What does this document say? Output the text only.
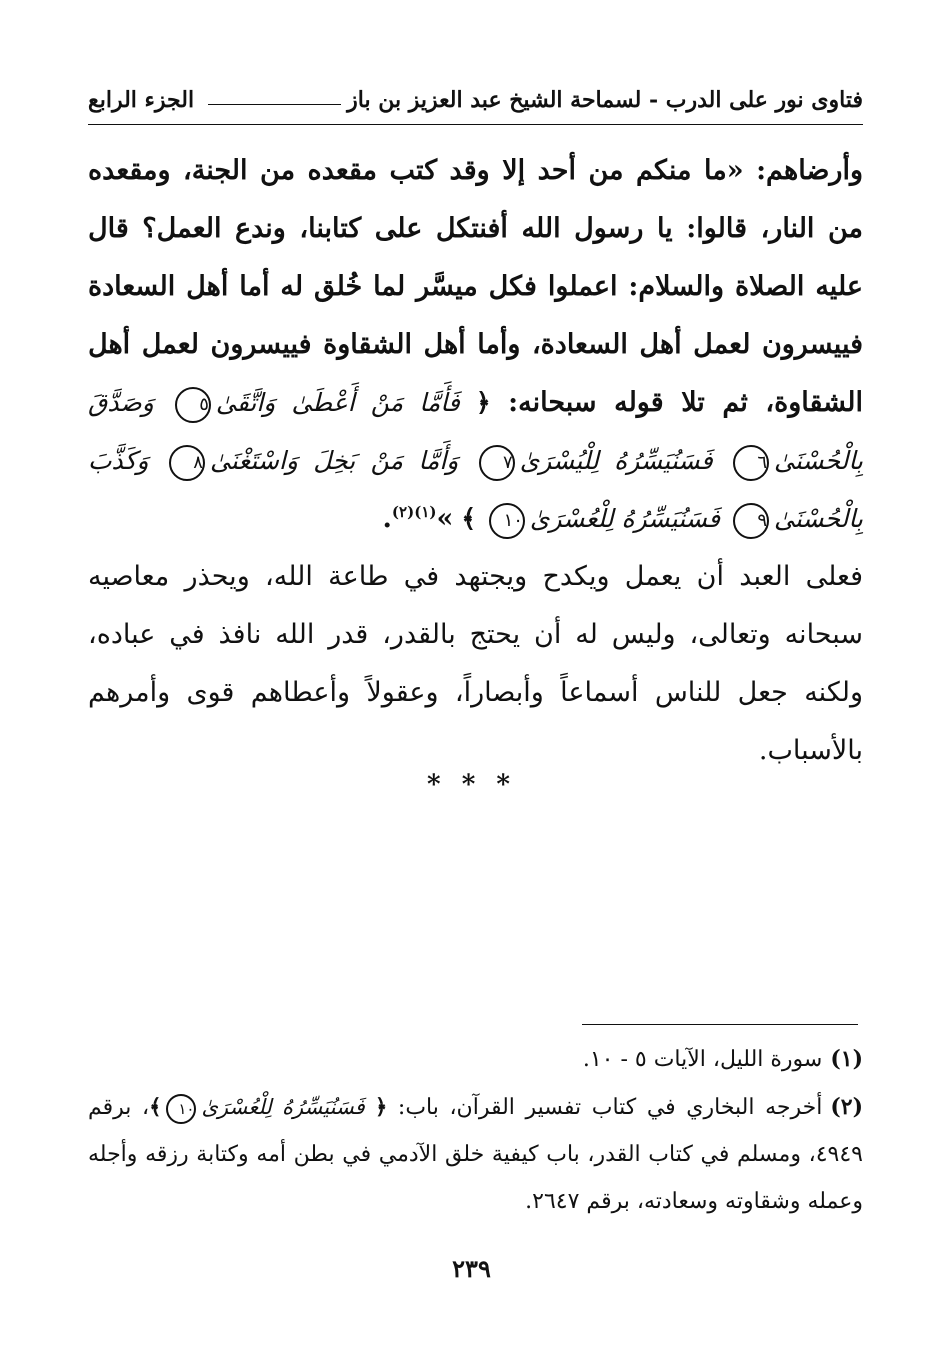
فتاوى نور على الدرب - لسماحة الشيخ عبد العزيز بن باز
الجزء الرابع
وأرضاهم: «ما منكم من أحد إلا وقد كتب مقعده من الجنة، ومقعده من النار، قالوا: يا رسول الله أفنتكل على كتابنا، وندع العمل؟ قال عليه الصلاة والسلام: اعملوا فكل ميسَّر لما خُلق له أما أهل السعادة فييسرون لعمل أهل السعادة، وأما أهل الشقاوة فييسرون لعمل أهل الشقاوة، ثم تلا قوله سبحانه: ﴿ فَأَمَّا مَنْ أَعْطَىٰ وَاتَّقَىٰ٥ وَصَدَّقَ بِالْحُسْنَىٰ٦ فَسَنُيَسِّرُهُ لِلْيُسْرَىٰ٧ وَأَمَّا مَنْ بَخِلَ وَاسْتَغْنَىٰ٨ وَكَذَّبَ بِالْحُسْنَىٰ٩ فَسَنُيَسِّرُهُ لِلْعُسْرَىٰ١٠ ﴾ »$^{(١)(٢)}$.
فعلى العبد أن يعمل ويكدح ويجتهد في طاعة الله، ويحذر معاصيه سبحانه وتعالى، وليس له أن يحتج بالقدر، قدر الله نافذ في عباده، ولكنه جعل للناس أسماعاً وأبصاراً، وعقولاً وأعطاهم قوى وأمرهم بالأسباب.
* * *

(١)سورة الليل، الآيات ٥ - ١٠.

(٢)أخرجه البخاري في كتاب تفسير القرآن، باب: ﴿ فَسَنُيَسِّرُهُ لِلْعُسْرَىٰ١٠﴾، برقم ٤٩٤٩، ومسلم في كتاب القدر، باب كيفية خلق الآدمي في بطن أمه وكتابة رزقه وأجله وعمله وشقاوته وسعادته، برقم ٢٦٤٧.

٢٣٩
